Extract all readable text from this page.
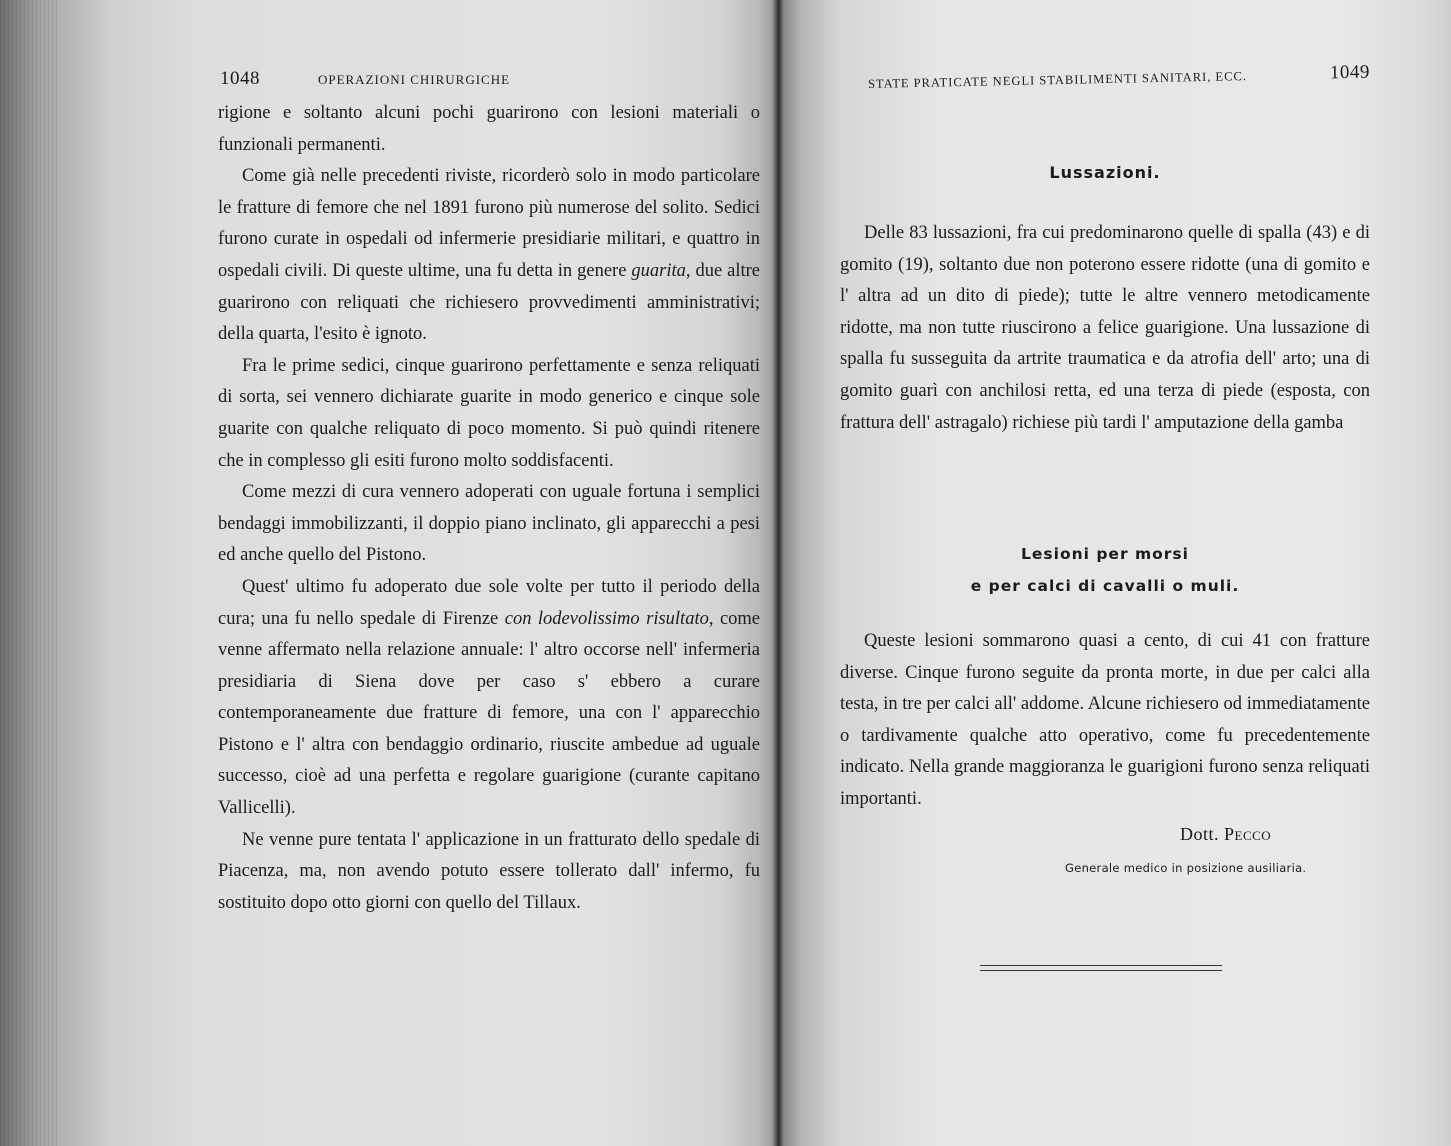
1048	OPERAZIONI CHIRURGICHE

rigione e soltanto alcuni pochi guarirono con lesioni materiali o funzionali permanenti.

Come già nelle precedenti riviste, ricorderò solo in modo particolare le fratture di femore che nel 1891 furono più numerose del solito. Sedici furono curate in ospedali od infermerie presidiarie militari, e quattro in ospedali civili. Di queste ultime, una fu detta in genere guarita, due altre guarirono con reliquati che richiesero provvedimenti amministrativi; della quarta, l'esito è ignoto.

Fra le prime sedici, cinque guarirono perfettamente e senza reliquati di sorta, sei vennero dichiarate guarite in modo generico e cinque sole guarite con qualche reliquato di poco momento. Si può quindi ritenere che in complesso gli esiti furono molto soddisfacenti.

Come mezzi di cura vennero adoperati con uguale fortuna i semplici bendaggi immobilizzanti, il doppio piano inclinato, gli apparecchi a pesi ed anche quello del Pistono.

Quest' ultimo fu adoperato due sole volte per tutto il periodo della cura; una fu nello spedale di Firenze con lodevolissimo risultato, come venne affermato nella relazione annuale: l' altro occorse nell' infermeria presidiaria di Siena dove per caso s' ebbero a curare contemporaneamente due fratture di femore, una con l' apparecchio Pistono e l' altra con bendaggio ordinario, riuscite ambedue ad uguale successo, cioè ad una perfetta e regolare guarigione (curante capitano Vallicelli).

Ne venne pure tentata l' applicazione in un fratturato dello spedale di Piacenza, ma, non avendo potuto essere tollerato dall' infermo, fu sostituito dopo otto giorni con quello del Tillaux.

STATE PRATICATE NEGLI STABILIMENTI SANITARI, ECC.	1049
Lussazioni.

Delle 83 lussazioni, fra cui predominarono quelle di spalla (43) e di gomito (19), soltanto due non poterono essere ridotte (una di gomito e l' altra ad un dito di piede); tutte le altre vennero metodicamente ridotte, ma non tutte riuscirono a felice guarigione. Una lussazione di spalla fu susseguita da artrite traumatica e da atrofia dell' arto; una di gomito guarì con anchilosi retta, ed una terza di piede (esposta, con frattura dell' astragalo) richiese più tardi l' amputazione della gamba

Lesioni per morsi
e per calci di cavalli o muli.

Queste lesioni sommarono quasi a cento, di cui 41 con fratture diverse. Cinque furono seguite da pronta morte, in due per calci alla testa, in tre per calci all' addome. Alcune richiesero od immediatamente o tardivamente qualche atto operativo, come fu precedentemente indicato. Nella grande maggioranza le guarigioni furono senza reliquati importanti.

Dott. Pecco
Generale medico in posizione ausiliaria.
